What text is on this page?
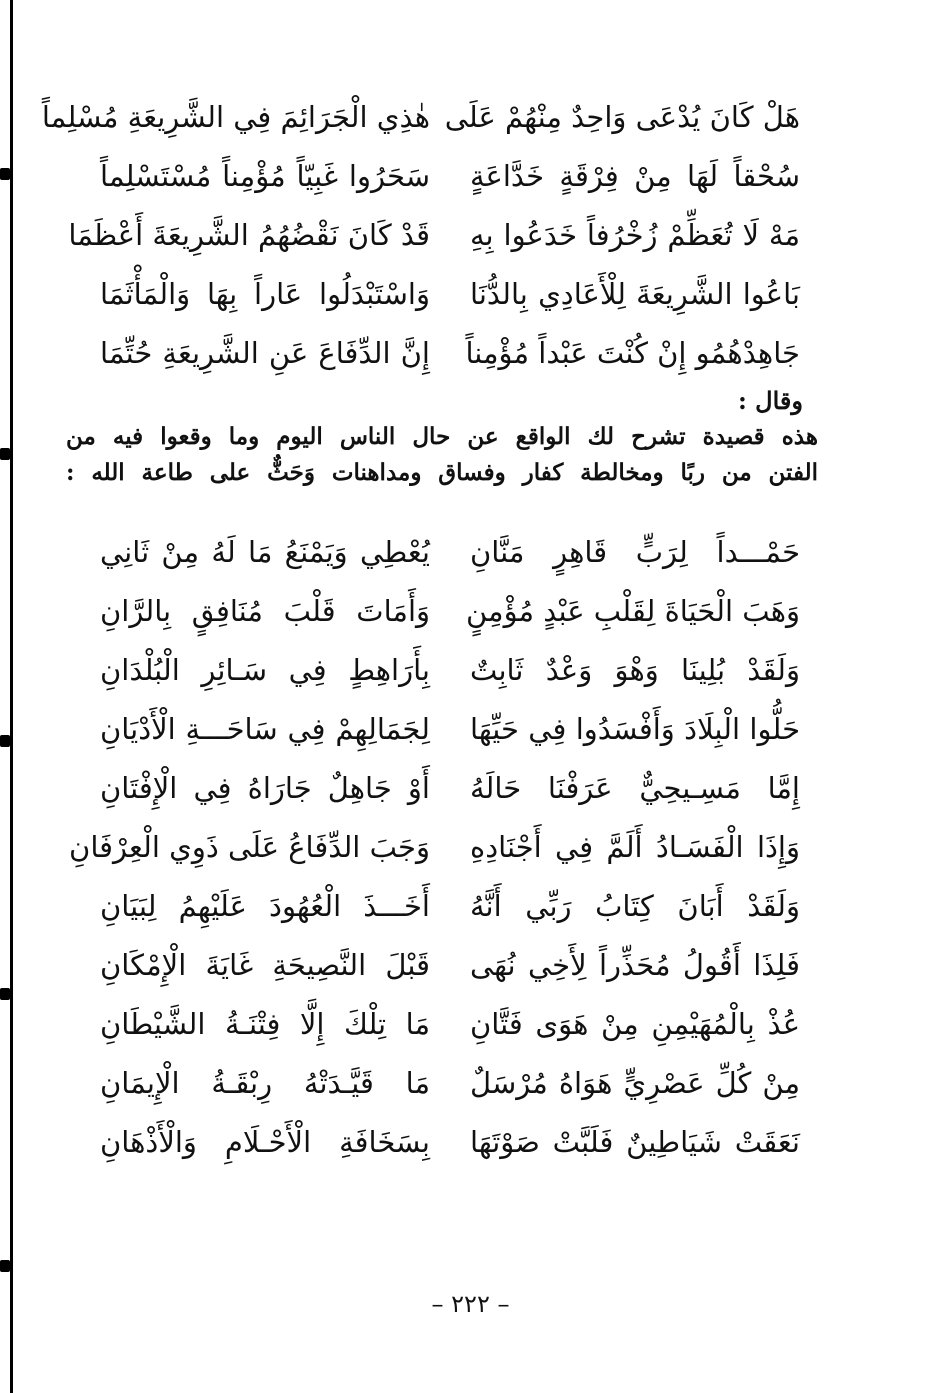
هَلْ كَانَ يُدْعَى وَاحِدٌ مِنْهُمْ عَلَى
هٰذِي الْجَرَائِمَ فِي الشَّرِيعَةِ مُسْلِماً
سُحْقاً لَهَا مِنْ فِرْقَةٍ خَدَّاعَةٍ
سَحَرُوا غَبِيّاً مُؤْمِناً مُسْتَسْلِماً
مَهْ لَا تُعَظِّمْ زُخْرُفاً خَدَعُوا بِهِ
قَدْ كَانَ نَقْضُهُمُ الشَّرِيعَةَ أَعْظَمَا
بَاعُوا الشَّرِيعَةَ لِلْأَعَادِي بِالدُّنَا
وَاسْتَبْدَلُوا عَاراً بِهَا وَالْمَأْثَمَا
جَاهِدْهُمُو إِنْ كُنْتَ عَبْداً مُؤْمِناً
إِنَّ الدِّفَاعَ عَنِ الشَّرِيعَةِ حُتِّمَا
وقال :

هذه قصيدة تشرح لك الواقع عن حال الناس اليوم وما وقعوا فيه من

الفتن من ربًا ومخالطة كفار وفساق ومداهنات وَحَثٌّ على طاعة الله :

حَمْـــداً لِرَبٍّ قَاهِرٍ مَنَّانِ
يُعْطِي وَيَمْنَعُ مَا لَهُ مِنْ ثَانِي
وَهَبَ الْحَيَاةَ لِقَلْبِ عَبْدٍ مُؤْمِنٍ
وَأَمَاتَ قَلْبَ مُنَافِقٍ بِالرَّانِ
وَلَقَدْ بُلِينَا وَهْوَ وَعْدٌ ثَابِتٌ
بِأَرَاهِطٍ فِي سَـائِرِ الْبُلْدَانِ
حَلُّوا الْبِلَادَ وَأَفْسَدُوا فِي حَيِّهَا
لِجَمَالِهِمْ فِي سَاحَـــةِ الْأَدْيَانِ
إِمَّا مَسِـيحِيٌّ عَرَفْنَا حَالَهُ
أَوْ جَاهِلٌ جَارَاهُ فِي الْإِفْتَانِ
وَإِذَا الْفَسَـادُ أَلَمَّ فِي أَجْنَادِهِ
وَجَبَ الدِّفَاعُ عَلَى ذَوِي الْعِرْفَانِ
وَلَقَدْ أَبَانَ كِتَابُ رَبِّي أَنَّهُ
أَخَـــذَ الْعُهُودَ عَلَيْهِمُ لِبَيَانِ
فَلِذَا أَقُولُ مُحَذِّراً لِأَخِي نُهَى
قَبْلَ النَّصِيحَةِ غَايَةَ الْإِمْكَانِ
عُذْ بِالْمُهَيْمِنِ مِنْ هَوَى فَتَّانِ
مَا تِلْكَ إِلَّا فِتْنَـةُ الشَّيْطَانِ
مِنْ كُلِّ عَصْرِيٍّ هَوَاهُ مُرْسَلٌ
مَا قَيَّـدَتْهُ رِبْقَـةُ الْإِيمَانِ
نَعَقَتْ شَيَاطِينٌ فَلَبَّتْ صَوْتَهَا
بِسَخَافَةِ الْأَحْـلَامِ وَالْأَذْهَانِ
– ٢٢٢ –
